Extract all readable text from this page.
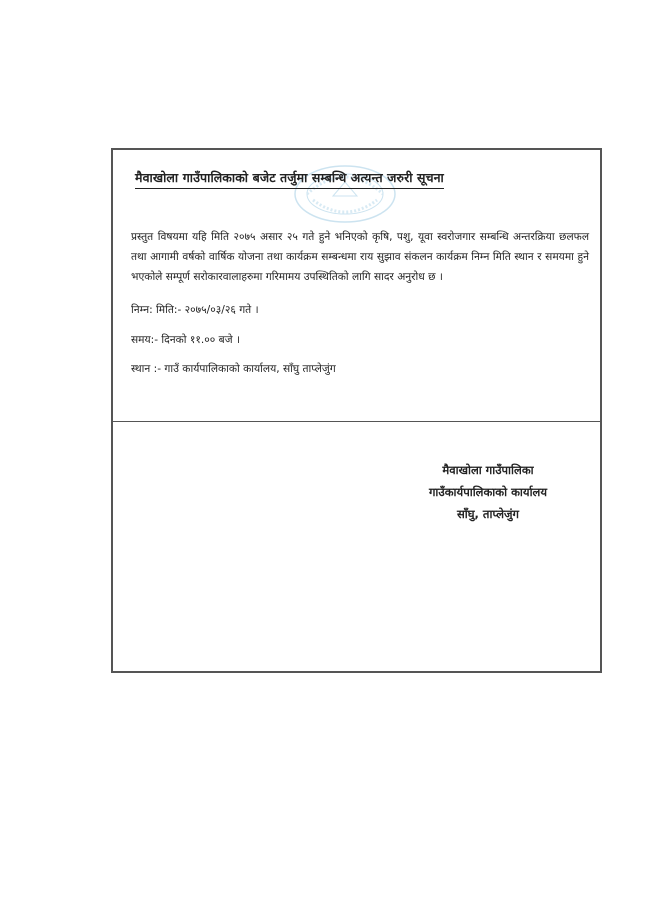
मैवाखोला गाउँपालिकाको बजेट तर्जुमा सम्बन्धि अत्यन्त जरुरी सूचना
प्रस्तुत विषयमा यहि मिति २०७५ असार २५ गते हुने भनिएको कृषि, पशु, यूवा स्वरोजगार सम्बन्धि अन्तरक्रिया छलफल तथा आगामी वर्षको वार्षिक योजना तथा कार्यक्रम सम्बन्धमा राय सुझाव संकलन कार्यक्रम निम्न मिति स्थान र समयमा हुने भएकोले सम्पूर्ण सरोकारवालाहरुमा गरिमामय उपस्थितिको लागि सादर अनुरोध छ ।
निम्न: मिति:- २०७५/०३/२६ गते ।
समय:- दिनको ११.०० बजे ।
स्थान :- गाउँ कार्यपालिकाको कार्यालय, साँघु ताप्लेजुंग
मैवाखोला गाउँपालिका
गाउँकार्यपालिकाको कार्यालय
साँघु, ताप्लेजुंग
